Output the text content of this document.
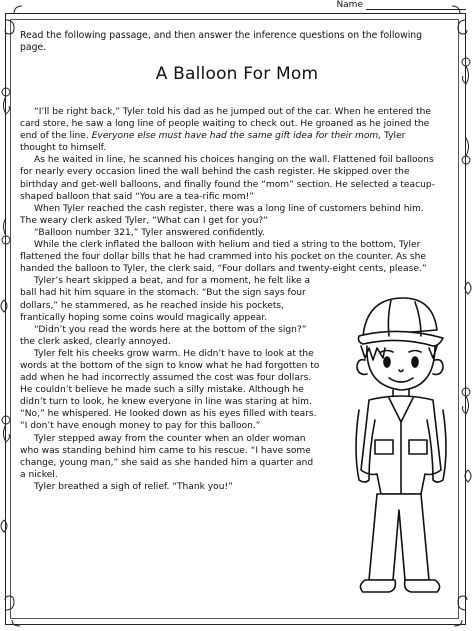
Name
Read the following passage, and then answer the inference questions on the following page.
A Balloon For Mom

“I’ll be right back,” Tyler told his dad as he jumped out of the car. When he entered the card store, he saw a long line of people waiting to check out. He groaned as he joined the end of the line. Everyone else must have had the same gift idea for their mom, Tyler thought to himself.

As he waited in line, he scanned his choices hanging on the wall. Flattened foil balloons for nearly every occasion lined the wall behind the cash register. He skipped over the birthday and get-well balloons, and finally found the “mom” section. He selected a teacup-shaped balloon that said “You are a tea-rific mom!”

When Tyler reached the cash register, there was a long line of customers behind him. The weary clerk asked Tyler, “What can I get for you?”

“Balloon number 321,” Tyler answered confidently.

While the clerk inflated the balloon with helium and tied a string to the bottom, Tyler flattened the four dollar bills that he had crammed into his pocket on the counter. As she handed the balloon to Tyler, the clerk said, “Four dollars and twenty-eight cents, please.”

Tyler’s heart skipped a beat, and for a moment, he felt like a ball had hit him square in the stomach. “But the sign says four dollars,” he stammered, as he reached inside his pockets, frantically hoping some coins would magically appear.

“Didn’t you read the words here at the bottom of the sign?” the clerk asked, clearly annoyed.

Tyler felt his cheeks grow warm. He didn’t have to look at the words at the bottom of the sign to know what he had forgotten to add when he had incorrectly assumed the cost was four dollars. He couldn’t believe he made such a silly mistake. Although he didn’t turn to look, he knew everyone in line was staring at him. “No,” he whispered. He looked down as his eyes filled with tears. “I don’t have enough money to pay for this balloon.”

Tyler stepped away from the counter when an older woman who was standing behind him came to his rescue. “I have some change, young man,” she said as she handed him a quarter and a nickel.

Tyler breathed a sigh of relief. “Thank you!”
